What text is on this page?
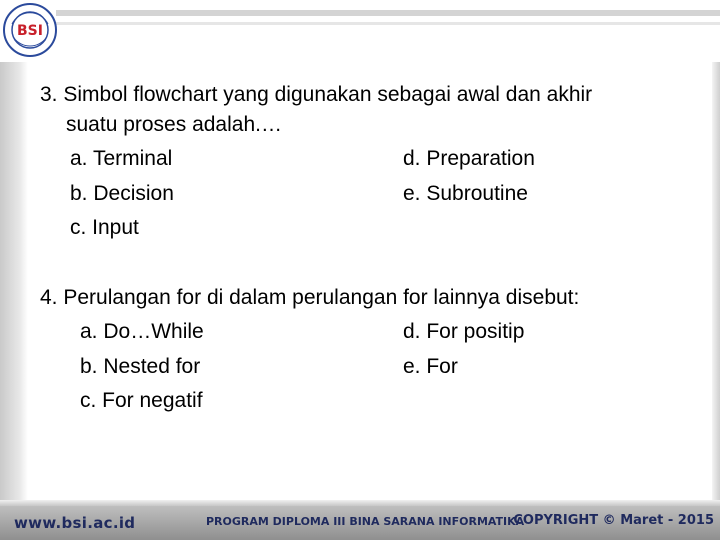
BSI
3. Simbol flowchart yang digunakan sebagai awal dan akhir
suatu proses adalah.…
a. Terminal
b. Decision
c. Input
d. Preparation
e. Subroutine
4. Perulangan for di dalam perulangan for lainnya disebut:
a. Do…While
b. Nested for
c. For negatif
d. For positip
e. For
www.bsi.ac.id	PROGRAM DIPLOMA III BINA SARANA INFORMATIKA
COPYRIGHT © Maret - 2015
